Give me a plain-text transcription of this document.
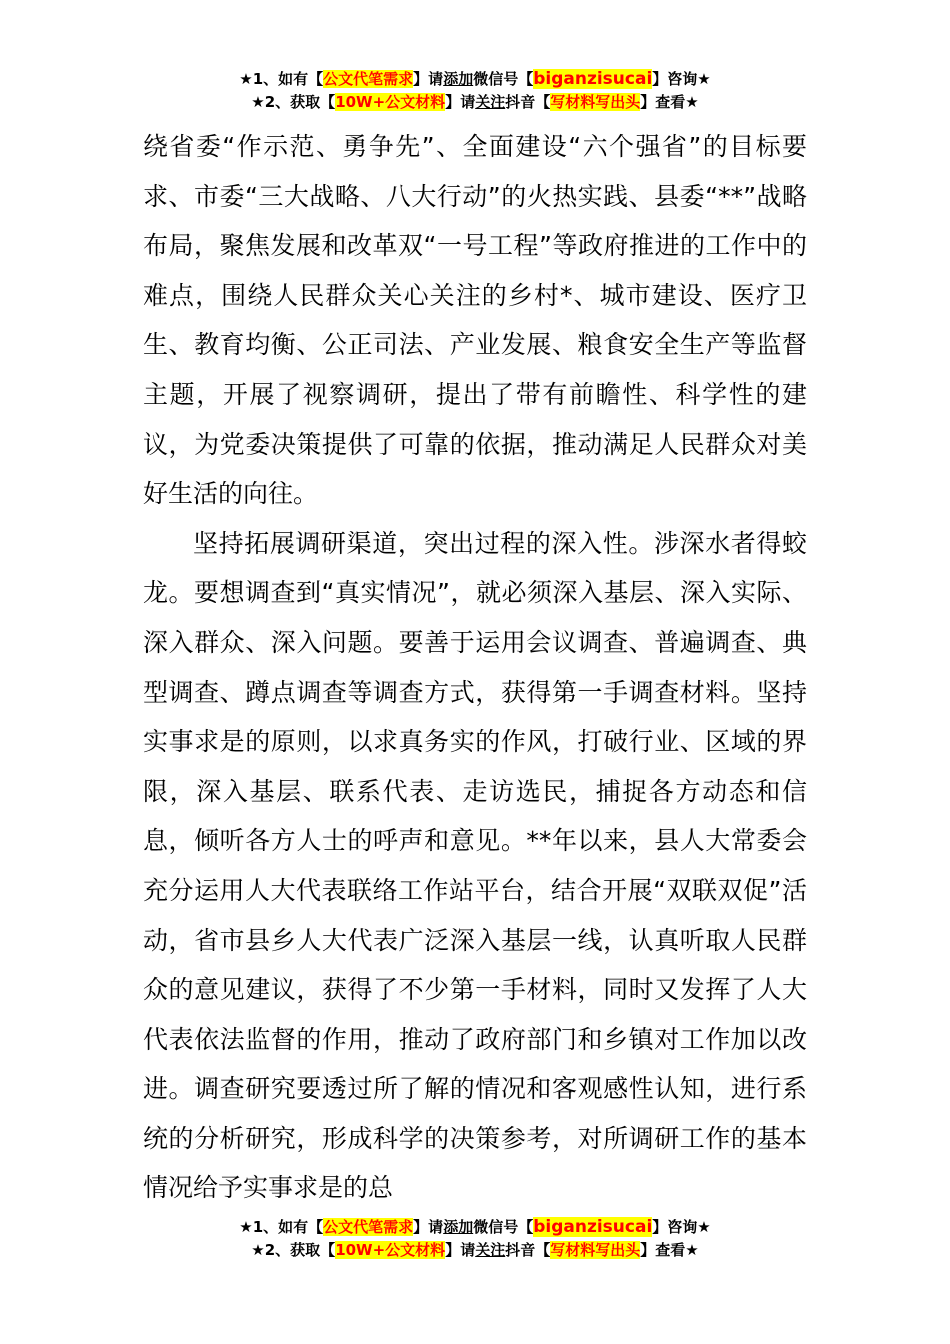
★1、如有【公文代笔需求】请添加微信号【biganzisucai】咨询★
★2、获取【10W+公文材料】请关注抖音【写材料写出头】查看★

绕省委“作示范、勇争先”、全面建设“六个强省”的目标要求、市委“三大战略、八大行动”的火热实践、县委“**”战略布局，聚焦发展和改革双“一号工程”等政府推进的工作中的难点，围绕人民群众关心关注的乡村*、城市建设、医疗卫生、教育均衡、公正司法、产业发展、粮食安全生产等监督主题，开展了视察调研，提出了带有前瞻性、科学性的建议，为党委决策提供了可靠的依据，推动满足人民群众对美好生活的向往。

坚持拓展调研渠道，突出过程的深入性。涉深水者得蛟龙。要想调查到“真实情况”，就必须深入基层、深入实际、深入群众、深入问题。要善于运用会议调查、普遍调查、典型调查、蹲点调查等调查方式，获得第一手调查材料。坚持实事求是的原则，以求真务实的作风，打破行业、区域的界限，深入基层、联系代表、走访选民，捕捉各方动态和信息，倾听各方人士的呼声和意见。**年以来，县人大常委会充分运用人大代表联络工作站平台，结合开展“双联双促”活动，省市县乡人大代表广泛深入基层一线，认真听取人民群众的意见建议，获得了不少第一手材料，同时又发挥了人大代表依法监督的作用，推动了政府部门和乡镇对工作加以改进。调查研究要透过所了解的情况和客观感性认知，进行系统的分析研究，形成科学的决策参考，对所调研工作的基本情况给予实事求是的总

★1、如有【公文代笔需求】请添加微信号【biganzisucai】咨询★
★2、获取【10W+公文材料】请关注抖音【写材料写出头】查看★
